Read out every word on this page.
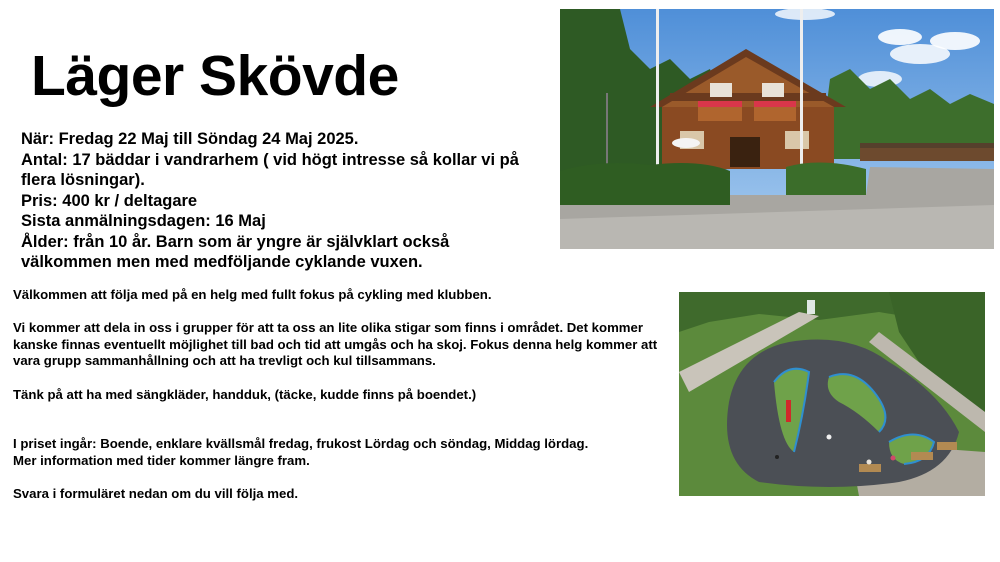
Läger Skövde
När: Fredag 22 Maj till Söndag 24 Maj 2025.
Antal: 17 bäddar i vandrarhem ( vid högt intresse så kollar vi på flera lösningar).
Pris: 400 kr / deltagare
Sista anmälningsdagen: 16 Maj
Ålder: från 10 år. Barn som är yngre är självklart också välkommen men med medföljande cyklande vuxen.

Välkommen att följa med på en helg med fullt fokus på cykling med klubben.

Vi kommer att dela in oss i grupper för att ta oss an lite olika stigar som finns i området. Det kommer kanske finnas eventuellt möjlighet till bad och tid att umgås och ha skoj. Fokus denna helg kommer att vara grupp sammanhållning och att ha trevligt och kul tillsammans.

Tänk på att ha med sängkläder, handduk, (täcke, kudde finns på boendet.)

I priset ingår: Boende, enklare kvällsmål fredag, frukost Lördag och söndag, Middag lördag.

Mer information med tider kommer längre fram.

Svara i formuläret nedan om du vill följa med.
